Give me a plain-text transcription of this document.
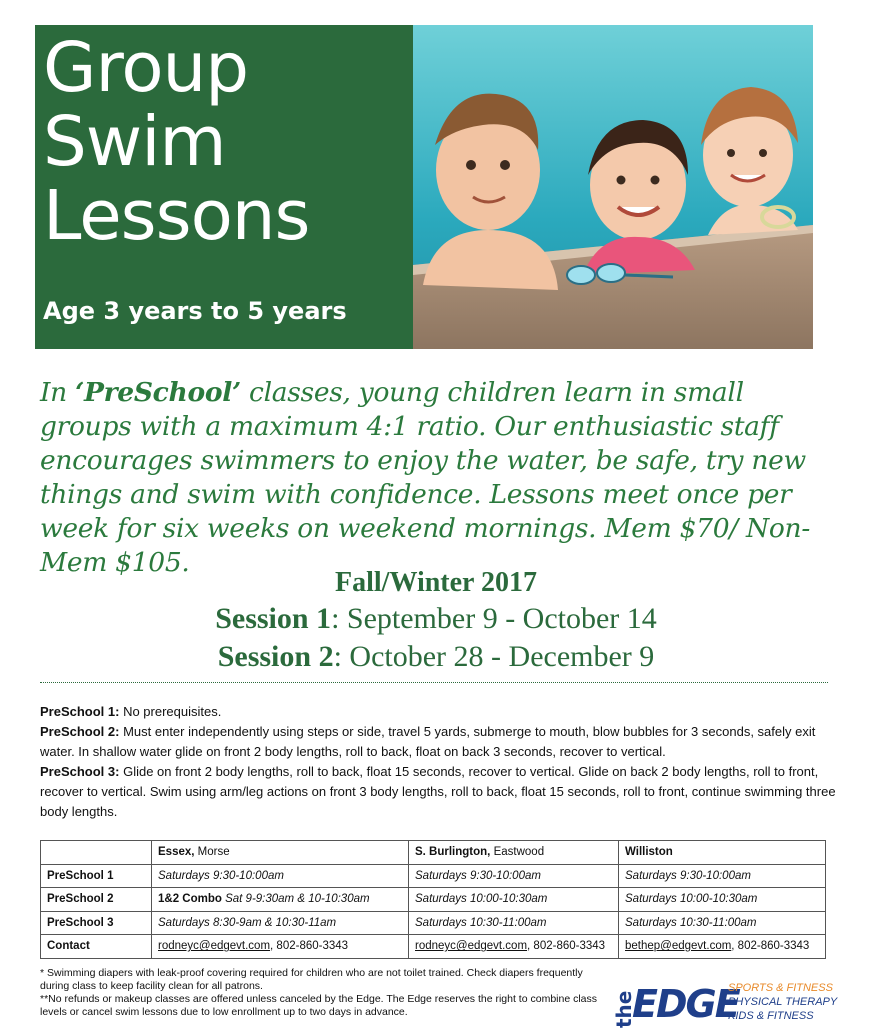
Group
Swim
Lessons
Age 3 years to 5 years
In ‘PreSchool’ classes, young children learn in small groups with a maximum 4:1 ratio. Our enthusiastic staff encourages swimmers to enjoy the water, be safe, try new things and swim with confidence. Lessons meet once per week for six weeks on weekend mornings. Mem $70/ Non-Mem $105.
Fall/Winter 2017
Session 1: September 9 - October 14
Session 2: October 28 - December 9

PreSchool 1: No prerequisites.

PreSchool 2: Must enter independently using steps or side, travel 5 yards, submerge to mouth, blow bubbles for 3 seconds, safely exit water. In shallow water glide on front 2 body lengths, roll to back, float on back 3 seconds, recover to vertical.

PreSchool 3: Glide on front 2 body lengths, roll to back, float 15 seconds, recover to vertical. Glide on back 2 body lengths, roll to front, recover to vertical. Swim using arm/leg actions on front 3 body lengths, roll to back, float 15 seconds, roll to front, continue swimming three body lengths.

	Essex, Morse	S. Burlington, Eastwood	Williston
PreSchool 1	Saturdays 9:30-10:00am	Saturdays 9:30-10:00am	Saturdays 9:30-10:00am
PreSchool 2	1&2 Combo Sat 9-9:30am & 10-10:30am	Saturdays 10:00-10:30am	Saturdays 10:00-10:30am
PreSchool 3	Saturdays 8:30-9am & 10:30-11am	Saturdays 10:30-11:00am	Saturdays 10:30-11:00am
Contact	rodneyc@edgevt.com, 802-860-3343	rodneyc@edgevt.com, 802-860-3343	bethep@edgevt.com, 802-860-3343

* Swimming diapers with leak-proof covering required for children who are not toilet trained. Check diapers frequently during class to keep facility clean for all patrons.

**No refunds or makeup classes are offered unless canceled by the Edge. The Edge reserves the right to combine class levels or cancel swim lessons due to low enrollment up to two days in advance.	the
EDGE
SPORTS & FITNESS
PHYSICAL THERAPY
KIDS & FITNESS
